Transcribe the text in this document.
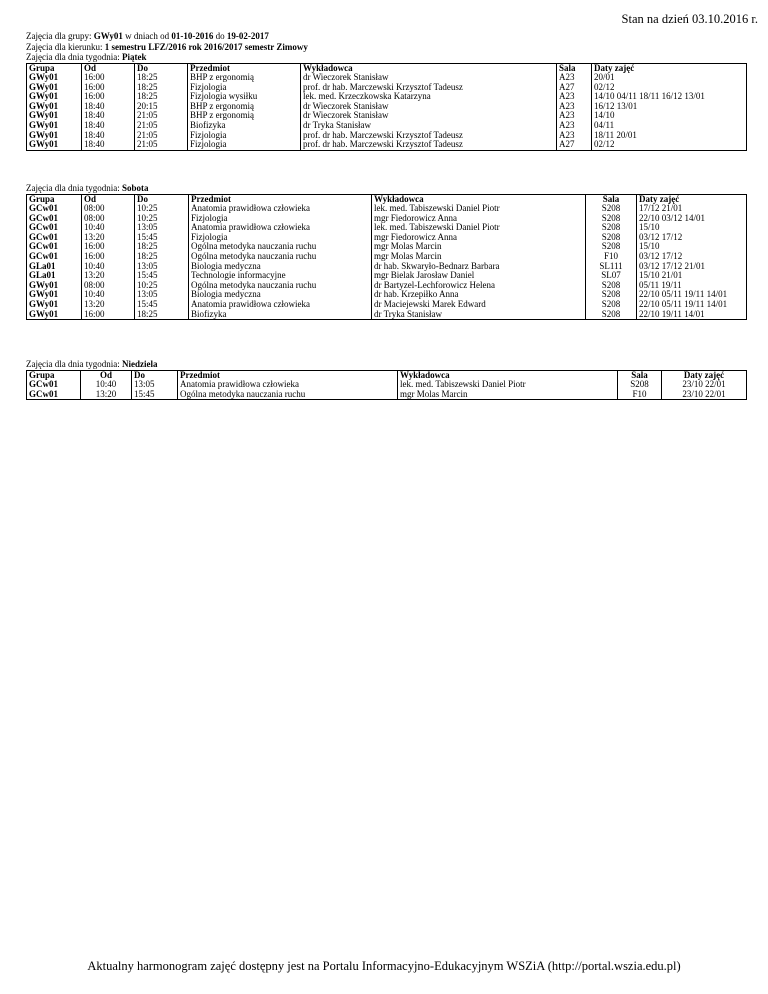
Stan na dzień 03.10.2016 r.
Zajęcia dla grupy: GWy01 w dniach od 01-10-2016 do 19-02-2017
Zajęcia dla kierunku: 1 semestru LFZ/2016 rok 2016/2017 semestr Zimowy
Zajęcia dla dnia tygodnia: Piątek
Grupa	Od	Do	Przedmiot	Wykładowca	Sala	Daty zajęć
GWy01	16:00	18:25	BHP z ergonomią	dr Wieczorek Stanisław	A23	20/01
GWy01	16:00	18:25	Fizjologia	prof. dr hab. Marczewski Krzysztof Tadeusz	A27	02/12
GWy01	16:00	18:25	Fizjologia wysiłku	lek. med. Krzeczkowska Katarzyna	A23	14/10 04/11 18/11 16/12 13/01
GWy01	18:40	20:15	BHP z ergonomią	dr Wieczorek Stanisław	A23	16/12 13/01
GWy01	18:40	21:05	BHP z ergonomią	dr Wieczorek Stanisław	A23	14/10
GWy01	18:40	21:05	Biofizyka	dr Tryka Stanisław	A23	04/11
GWy01	18:40	21:05	Fizjologia	prof. dr hab. Marczewski Krzysztof Tadeusz	A23	18/11 20/01
GWy01	18:40	21:05	Fizjologia	prof. dr hab. Marczewski Krzysztof Tadeusz	A27	02/12
Zajęcia dla dnia tygodnia: Sobota
Grupa	Od	Do	Przedmiot	Wykładowca	Sala	Daty zajęć
GCw01	08:00	10:25	Anatomia prawidłowa człowieka	lek. med. Tabiszewski Daniel Piotr	S208	17/12 21/01
GCw01	08:00	10:25	Fizjologia	mgr Fiedorowicz Anna	S208	22/10 03/12 14/01
GCw01	10:40	13:05	Anatomia prawidłowa człowieka	lek. med. Tabiszewski Daniel Piotr	S208	15/10
GCw01	13:20	15:45	Fizjologia	mgr Fiedorowicz Anna	S208	03/12 17/12
GCw01	16:00	18:25	Ogólna metodyka nauczania ruchu	mgr Molas Marcin	S208	15/10
GCw01	16:00	18:25	Ogólna metodyka nauczania ruchu	mgr Molas Marcin	F10	03/12 17/12
GLa01	10:40	13:05	Biologia medyczna	dr hab. Skwaryło-Bednarz Barbara	SL111	03/12 17/12 21/01
GLa01	13:20	15:45	Technologie informacyjne	mgr Bielak Jarosław Daniel	SL07	15/10 21/01
GWy01	08:00	10:25	Ogólna metodyka nauczania ruchu	dr Bartyzel-Lechforowicz Helena	S208	05/11 19/11
GWy01	10:40	13:05	Biologia medyczna	dr hab. Krzepiłko Anna	S208	22/10 05/11 19/11 14/01
GWy01	13:20	15:45	Anatomia prawidłowa człowieka	dr Maciejewski Marek Edward	S208	22/10 05/11 19/11 14/01
GWy01	16:00	18:25	Biofizyka	dr Tryka Stanisław	S208	22/10 19/11 14/01
Zajęcia dla dnia tygodnia: Niedziela
Grupa	Od	Do	Przedmiot	Wykładowca	Sala	Daty zajęć
GCw01	10:40	13:05	Anatomia prawidłowa człowieka	lek. med. Tabiszewski Daniel Piotr	S208	23/10 22/01
GCw01	13:20	15:45	Ogólna metodyka nauczania ruchu	mgr Molas Marcin	F10	23/10 22/01
Aktualny harmonogram zajęć dostępny jest na Portalu Informacyjno-Edukacyjnym WSZiA (http://portal.wszia.edu.pl)
